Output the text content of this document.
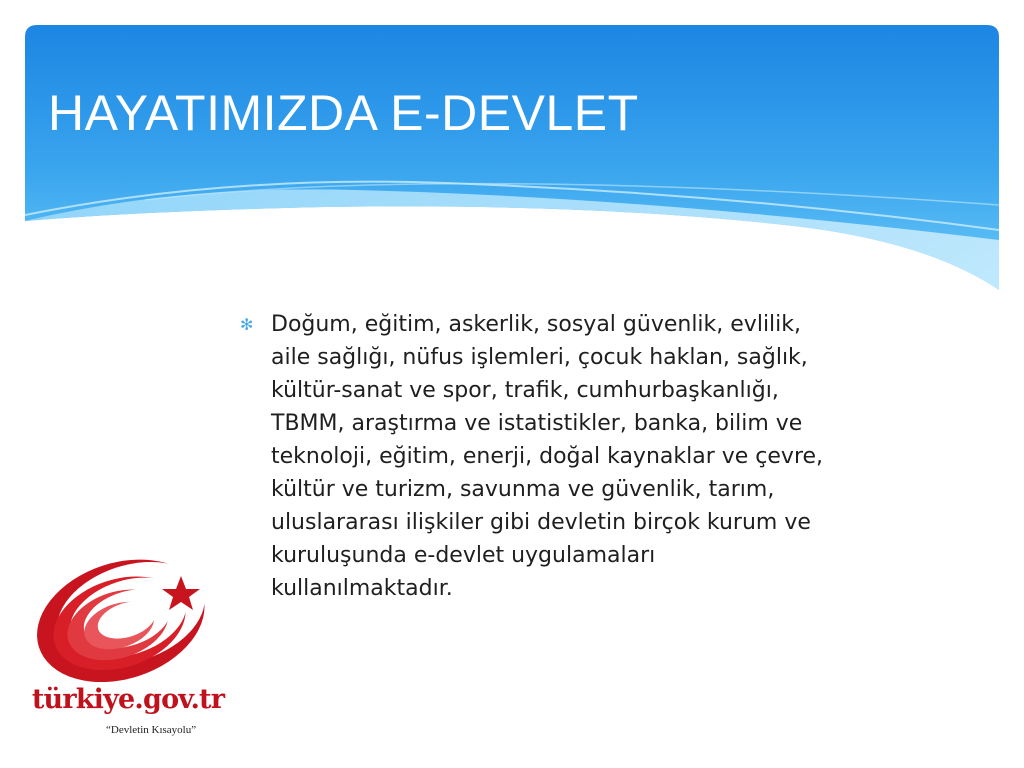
HAYATIMIZDA E-DEVLET
✻ Doğum, eğitim, askerlik, sosyal güvenlik, evlilik,
aile sağlığı, nüfus işlemleri, çocuk haklan, sağlık,
kültür-sanat ve spor, trafik, cumhurbaşkanlığı,
TBMM, araştırma ve istatistikler, banka, bilim ve
teknoloji, eğitim, enerji, doğal kaynaklar ve çevre,
kültür ve turizm, savunma ve güvenlik, tarım,
uluslararası ilişkiler gibi devletin birçok kurum ve
kuruluşunda e-devlet uygulamaları
kullanılmaktadır.
türkiye.gov.tr
“Devletin Kısayolu”
